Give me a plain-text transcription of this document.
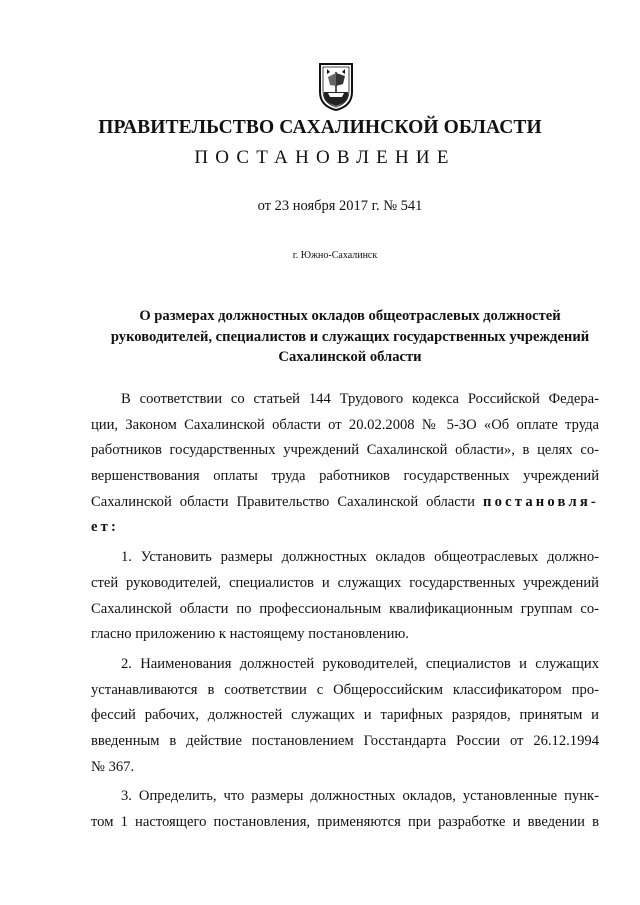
ПРАВИТЕЛЬСТВО САХАЛИНСКОЙ ОБЛАСТИ
ПОСТАНОВЛЕНИЕ
от 23 ноября 2017 г. № 541
г. Южно-Сахалинск
О размерах должностных окладов общеотраслевых должностей
руководителей, специалистов и служащих государственных учреждений
Сахалинской области
В соответствии со статьей 144 Трудового кодекса Российской Федера-
ции, Законом Сахалинской области от 20.02.2008 № 5-ЗО «Об оплате труда
работников государственных учреждений Сахалинской области», в целях со-
вершенствования оплаты труда работников государственных учреждений
Сахалинской области Правительство Сахалинской области постановля-
ет:
1. Установить размеры должностных окладов общеотраслевых должно-
стей руководителей, специалистов и служащих государственных учреждений
Сахалинской области по профессиональным квалификационным группам со-
гласно приложению к настоящему постановлению.
2. Наименования должностей руководителей, специалистов и служащих
устанавливаются в соответствии с Общероссийским классификатором про-
фессий рабочих, должностей служащих и тарифных разрядов, принятым и
введенным в действие постановлением Госстандарта России от 26.12.1994
№ 367.
3. Определить, что размеры должностных окладов, установленные пунк-
том 1 настоящего постановления, применяются при разработке и введении в
